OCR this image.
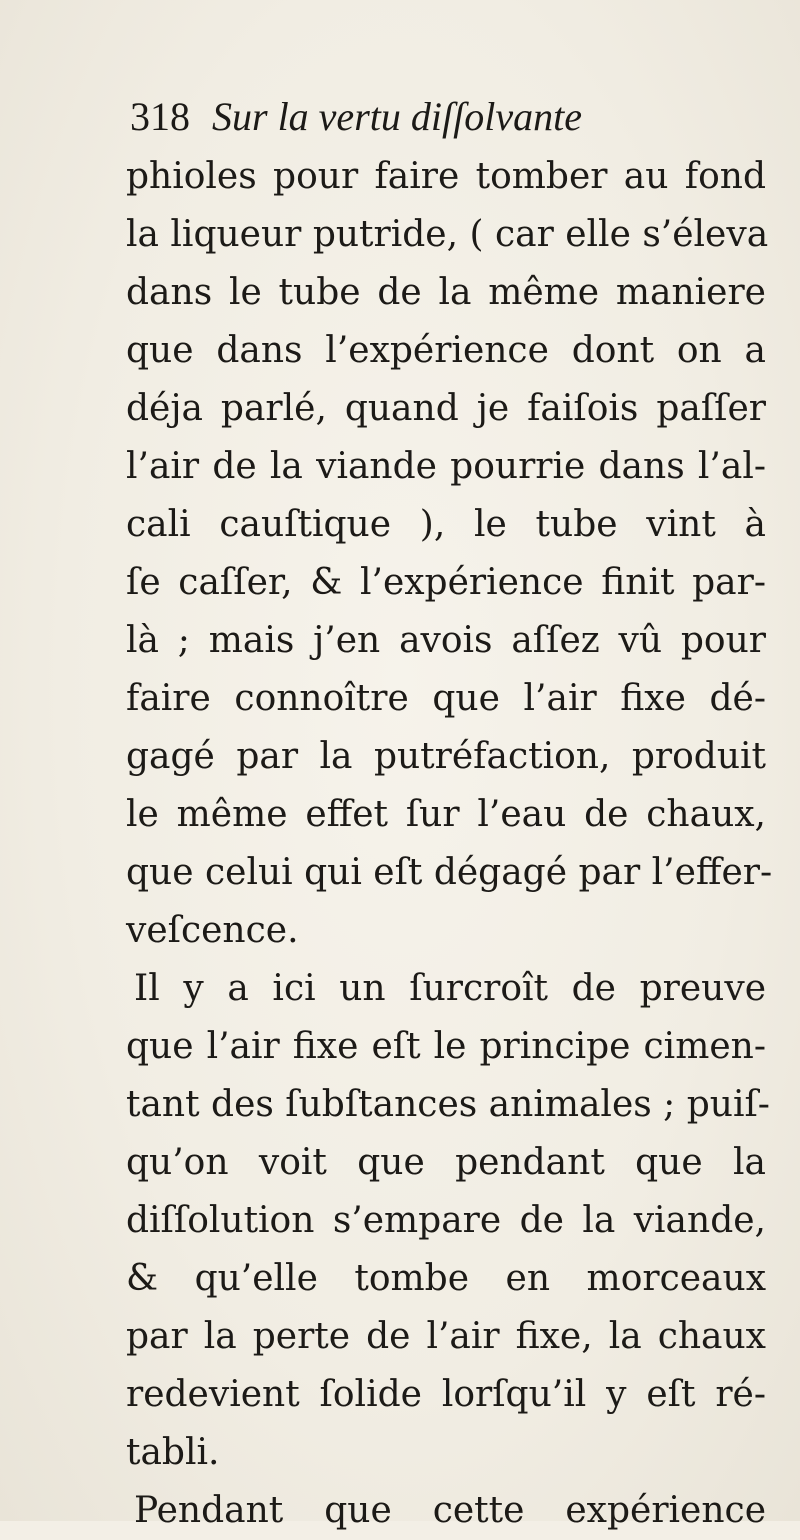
318 Sur la vertu diſſolvante
phioles pour faire tomber au fond
la liqueur putride, ( car elle s’éleva
dans le tube de la même maniere
que dans l’expérience dont on a
déja parlé, quand je faiſois paſſer
l’air de la viande pourrie dans l’al-
cali cauſtique ), le tube vint à
ſe caſſer, & l’expérience finit par-
là ; mais j’en avois aſſez vû pour
faire connoître que l’air fixe dé-
gagé par la putréfaction, produit
le même effet ſur l’eau de chaux,
que celui qui eſt dégagé par l’effer-
veſcence.
Il y a ici un ſurcroît de preuve
que l’air fixe eſt le principe cimen-
tant des ſubſtances animales ; puiſ-
qu’on voit que pendant que la
diſſolution s’empare de la viande,
& qu’elle tombe en morceaux
par la perte de l’air fixe, la chaux
redevient ſolide lorſqu’il y eſt ré-
tabli.
Pendant que cette expérience
